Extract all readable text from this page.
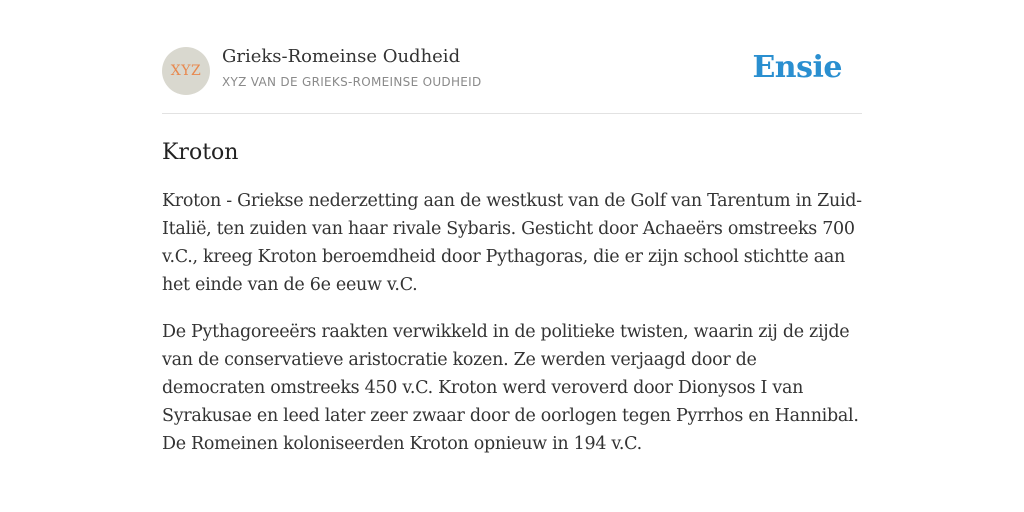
XYZ
Grieks-Romeinse Oudheid
XYZ VAN DE GRIEKS-ROMEINSE OUDHEID	Ensie
Kroton

Kroton - Griekse nederzetting aan de westkust van de Golf van Tarentum in Zuid-Italië, ten zuiden van haar rivale Sybaris. Gesticht door Achaeërs omstreeks 700 v.C., kreeg Kroton beroemdheid door Pythagoras, die er zijn school stichtte aan het einde van de 6e eeuw v.C.

De Pythagoreeërs raakten verwikkeld in de politieke twisten, waarin zij de zijde van de conservatieve aristocratie kozen. Ze werden verjaagd door de democraten omstreeks 450 v.C. Kroton werd veroverd door Dionysos I van Syrakusae en leed later zeer zwaar door de oorlogen tegen Pyrrhos en Hannibal. De Romeinen koloniseerden Kroton opnieuw in 194 v.C.
